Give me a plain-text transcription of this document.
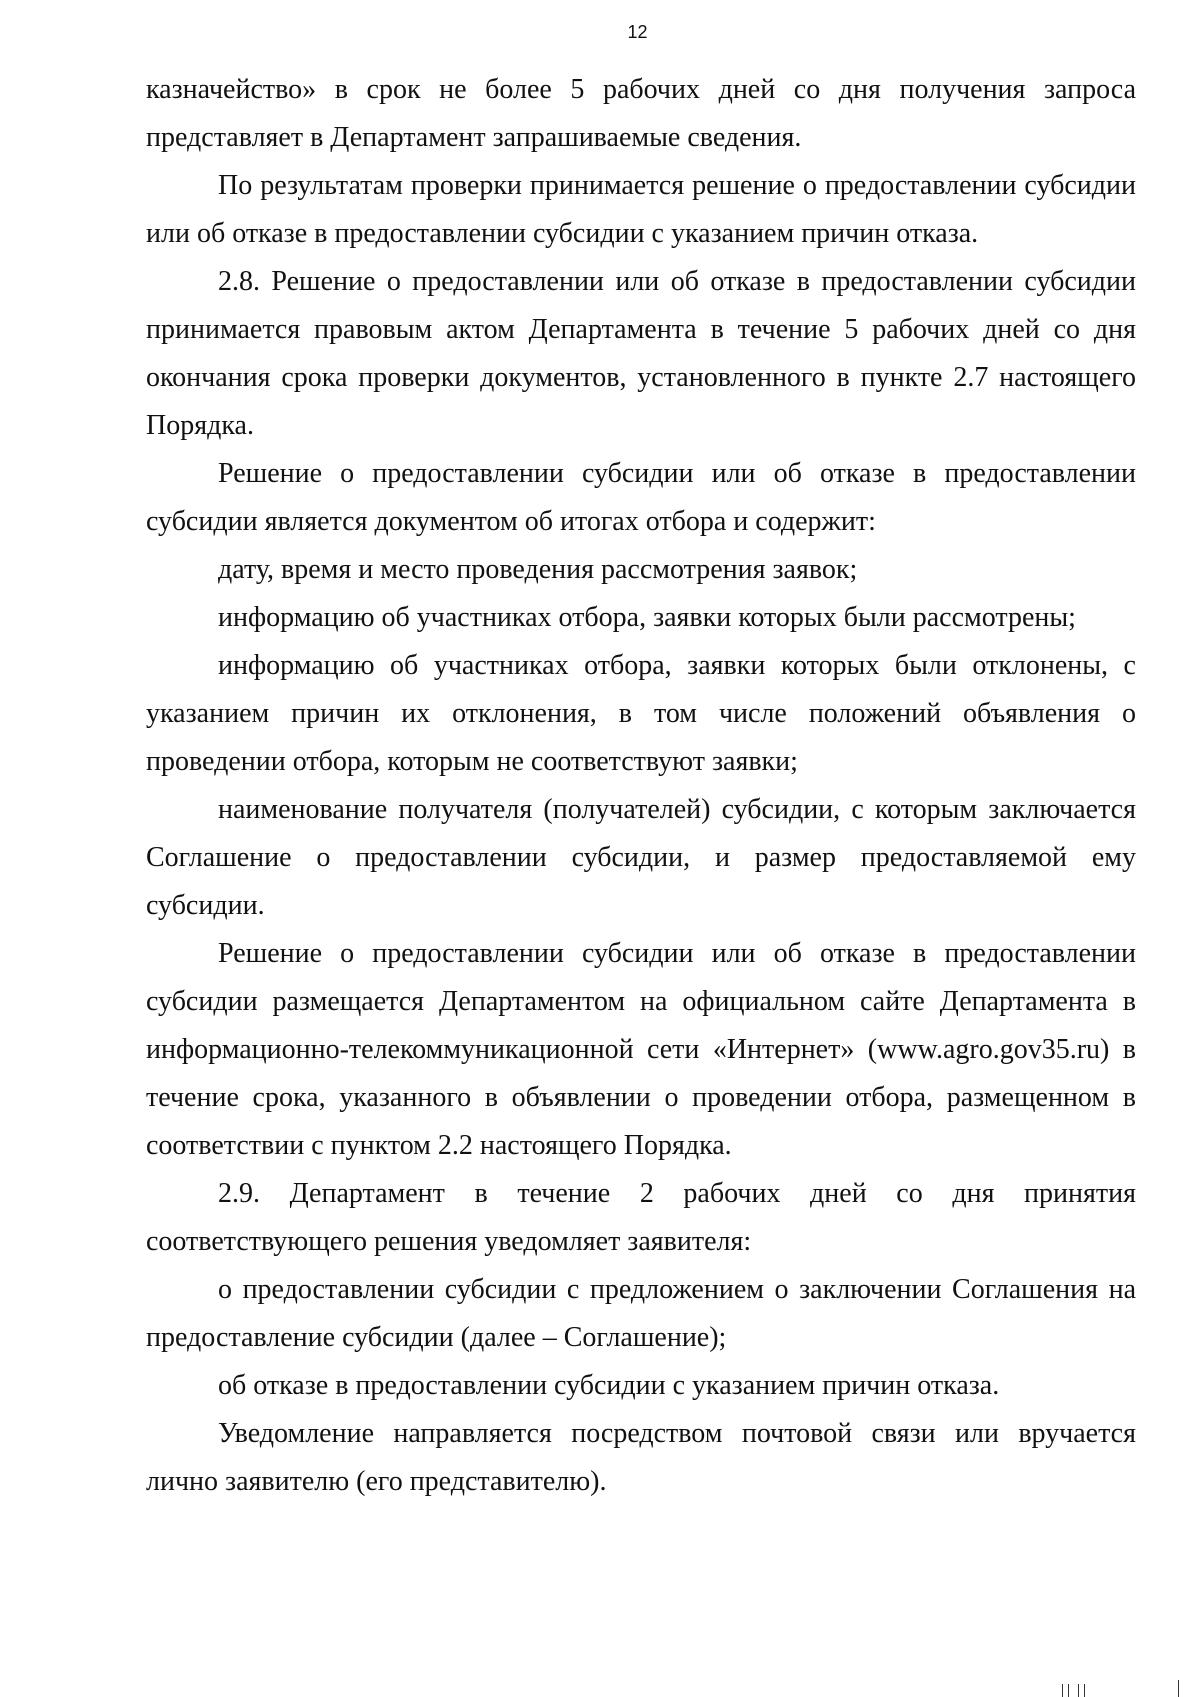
12

казначейство» в срок не более 5 рабочих дней со дня получения запроса представляет в Департамент запрашиваемые сведения.

По результатам проверки принимается решение о предоставлении субсидии или об отказе в предоставлении субсидии с указанием причин отказа.

2.8. Решение о предоставлении или об отказе в предоставлении субсидии принимается правовым актом Департамента в течение 5 рабочих дней со дня окончания срока проверки документов, установленного в пункте 2.7 настоящего Порядка.

Решение о предоставлении субсидии или об отказе в предоставлении субсидии является документом об итогах отбора и содержит:

дату, время и место проведения рассмотрения заявок;

информацию об участниках отбора, заявки которых были рассмотрены;

информацию об участниках отбора, заявки которых были отклонены, с указанием причин их отклонения, в том числе положений объявления о проведении отбора, которым не соответствуют заявки;

наименование получателя (получателей) субсидии, с которым заключается Соглашение о предоставлении субсидии, и размер предоставляемой ему субсидии.

Решение о предоставлении субсидии или об отказе в предоставлении субсидии размещается Департаментом на официальном сайте Департамента в информационно-телекоммуникационной сети «Интернет» (www.agro.gov35.ru) в течение срока, указанного в объявлении о проведении отбора, размещенном в соответствии с пунктом 2.2 настоящего Порядка.

2.9. Департамент в течение 2 рабочих дней со дня принятия соответствующего решения уведомляет заявителя:

о предоставлении субсидии с предложением о заключении Соглашения на предоставление субсидии (далее – Соглашение);

об отказе в предоставлении субсидии с указанием причин отказа.

Уведомление направляется посредством почтовой связи или вручается лично заявителю (его представителю).
